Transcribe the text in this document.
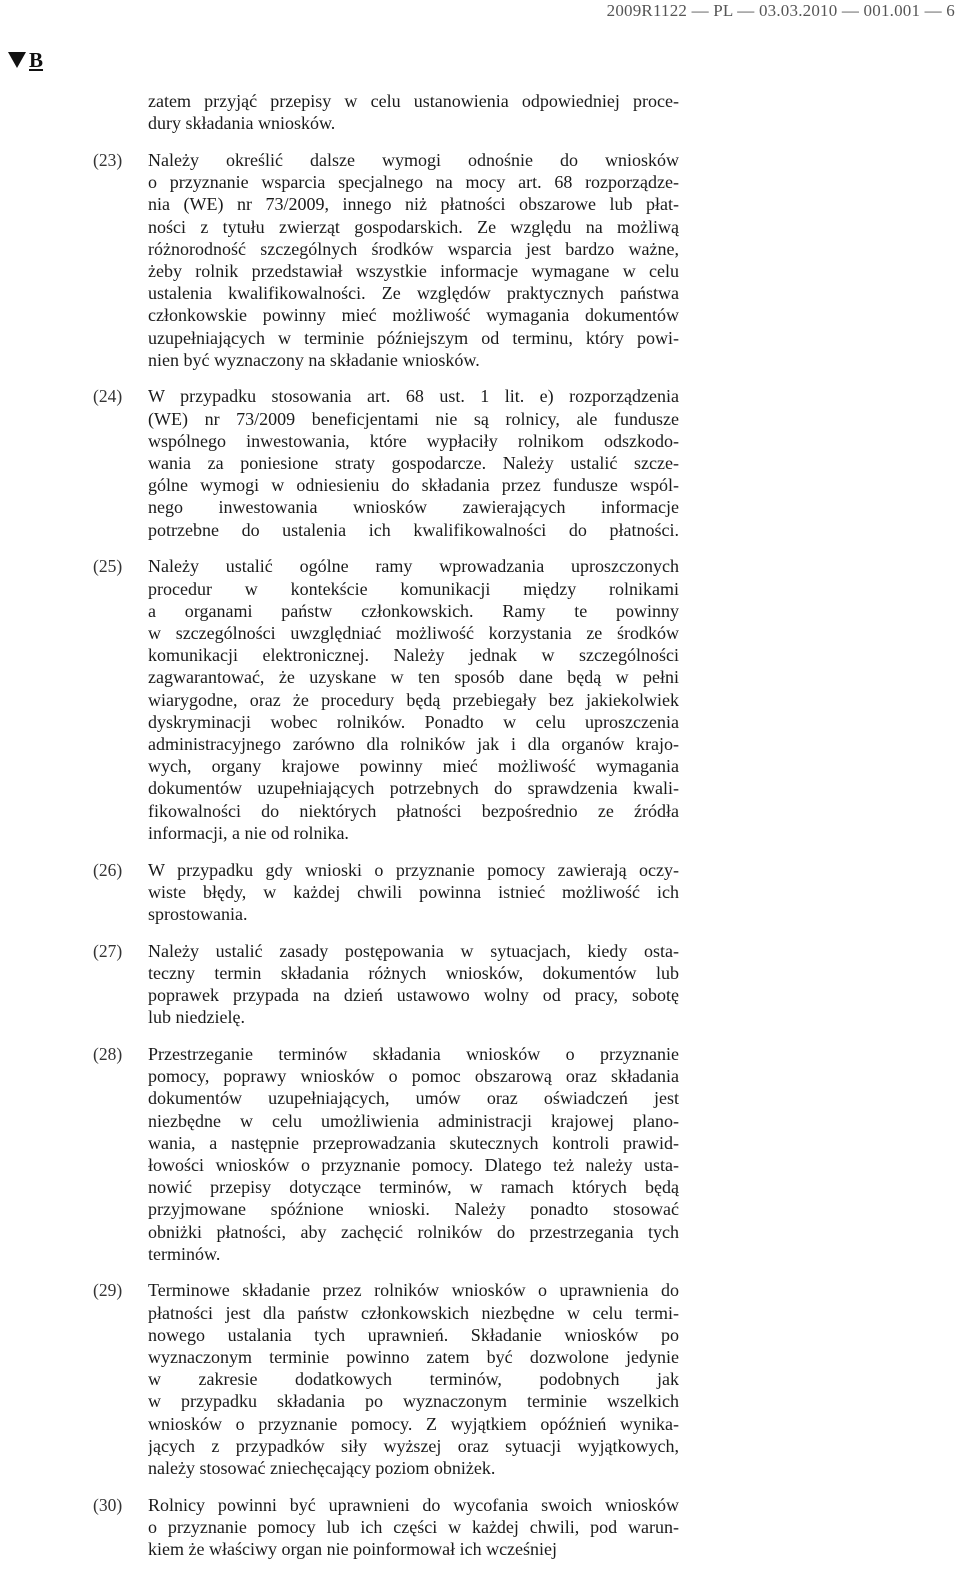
2009R1122 — PL — 03.03.2010 — 001.001 — 6
B
zatem przyjąć przepisy w celu ustanowienia odpowiedniej proce-
dury składania wniosków.
(23) Należy określić dalsze wymogi odnośnie do wniosków
o przyznanie wsparcia specjalnego na mocy art. 68 rozporządze-
nia (WE) nr 73/2009, innego niż płatności obszarowe lub płat-
ności z tytułu zwierząt gospodarskich. Ze względu na możliwą
różnorodność szczególnych środków wsparcia jest bardzo ważne,
żeby rolnik przedstawiał wszystkie informacje wymagane w celu
ustalenia kwalifikowalności. Ze względów praktycznych państwa
członkowskie powinny mieć możliwość wymagania dokumentów
uzupełniających w terminie późniejszym od terminu, który powi-
nien być wyznaczony na składanie wniosków.
(24) W przypadku stosowania art. 68 ust. 1 lit. e) rozporządzenia
(WE) nr 73/2009 beneficjentami nie są rolnicy, ale fundusze
wspólnego inwestowania, które wypłaciły rolnikom odszkodo-
wania za poniesione straty gospodarcze. Należy ustalić szcze-
gólne wymogi w odniesieniu do składania przez fundusze wspól-
nego inwestowania wniosków zawierających informacje
potrzebne do ustalenia ich kwalifikowalności do płatności.
(25) Należy ustalić ogólne ramy wprowadzania uproszczonych
procedur w kontekście komunikacji między rolnikami
a organami państw członkowskich. Ramy te powinny
w szczególności uwzględniać możliwość korzystania ze środków
komunikacji elektronicznej. Należy jednak w szczególności
zagwarantować, że uzyskane w ten sposób dane będą w pełni
wiarygodne, oraz że procedury będą przebiegały bez jakiekolwiek
dyskryminacji wobec rolników. Ponadto w celu uproszczenia
administracyjnego zarówno dla rolników jak i dla organów krajo-
wych, organy krajowe powinny mieć możliwość wymagania
dokumentów uzupełniających potrzebnych do sprawdzenia kwali-
fikowalności do niektórych płatności bezpośrednio ze źródła
informacji, a nie od rolnika.
(26) W przypadku gdy wnioski o przyznanie pomocy zawierają oczy-
wiste błędy, w każdej chwili powinna istnieć możliwość ich
sprostowania.
(27) Należy ustalić zasady postępowania w sytuacjach, kiedy osta-
teczny termin składania różnych wniosków, dokumentów lub
poprawek przypada na dzień ustawowo wolny od pracy, sobotę
lub niedzielę.
(28) Przestrzeganie terminów składania wniosków o przyznanie
pomocy, poprawy wniosków o pomoc obszarową oraz składania
dokumentów uzupełniających, umów oraz oświadczeń jest
niezbędne w celu umożliwienia administracji krajowej plano-
wania, a następnie przeprowadzania skutecznych kontroli prawid-
łowości wniosków o przyznanie pomocy. Dlatego też należy usta-
nowić przepisy dotyczące terminów, w ramach których będą
przyjmowane spóźnione wnioski. Należy ponadto stosować
obniżki płatności, aby zachęcić rolników do przestrzegania tych
terminów.
(29) Terminowe składanie przez rolników wniosków o uprawnienia do
płatności jest dla państw członkowskich niezbędne w celu termi-
nowego ustalania tych uprawnień. Składanie wniosków po
wyznaczonym terminie powinno zatem być dozwolone jedynie
w zakresie dodatkowych terminów, podobnych jak
w przypadku składania po wyznaczonym terminie wszelkich
wniosków o przyznanie pomocy. Z wyjątkiem opóźnień wynika-
jących z przypadków siły wyższej oraz sytuacji wyjątkowych,
należy stosować zniechęcający poziom obniżek.
(30) Rolnicy powinni być uprawnieni do wycofania swoich wniosków
o przyznanie pomocy lub ich części w każdej chwili, pod warun-
kiem że właściwy organ nie poinformował ich wcześniej
